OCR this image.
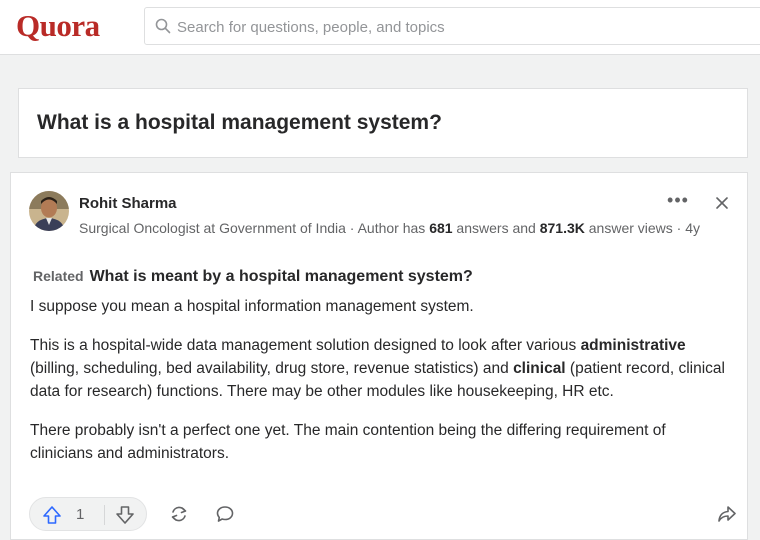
Quora
Search for questions, people, and topics
What is a hospital management system?
Rohit Sharma
Surgical Oncologist at Government of India · Author has 681 answers and 871.3K answer views · 4y
•••
Related What is meant by a hospital management system?

I suppose you mean a hospital information management system.

This is a hospital-wide data management solution designed to look after various administrative (billing, scheduling, bed availability, drug store, revenue statistics) and clinical (patient record, clinical data for research) functions. There may be other modules like housekeeping, HR etc.

There probably isn't a perfect one yet. The main contention being the differing requirement of clinicians and administrators.

1
